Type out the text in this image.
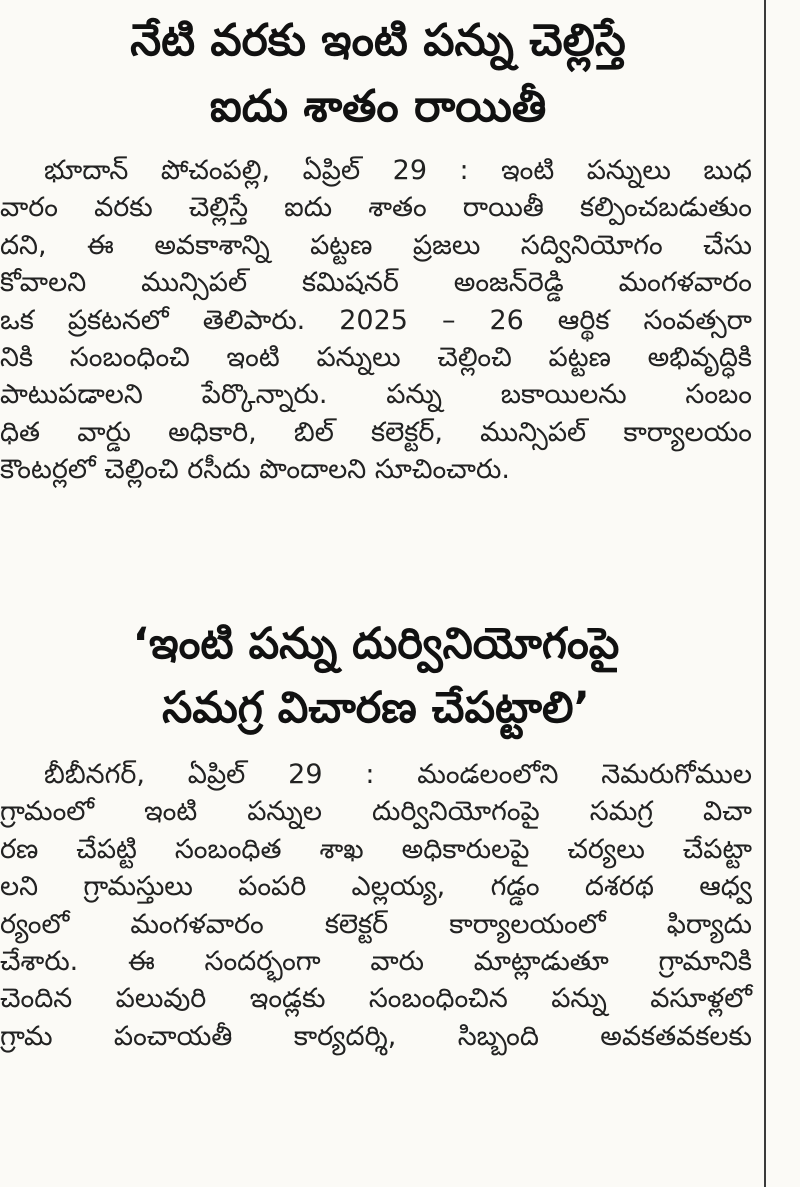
నేటి వరకు ఇంటి పన్ను చెల్లిస్తే
ఐదు శాతం రాయితీ
భూదాన్ పోచంపల్లి, ఏప్రిల్ 29 : ఇంటి పన్నులు బుధ
వారం వరకు చెల్లిస్తే ఐదు శాతం రాయితీ కల్పించబడుతుం
దని, ఈ అవకాశాన్ని పట్టణ ప్రజలు సద్వినియోగం చేసు
కోవాలని మున్సిపల్ కమిషనర్ అంజన్‌రెడ్డి మంగళవారం
ఒక ప్రకటనలో తెలిపారు. 2025 – 26 ఆర్థిక సంవత్సరా
నికి సంబంధించి ఇంటి పన్నులు చెల్లించి పట్టణ అభివృద్ధికి
పాటుపడాలని పేర్కొన్నారు. పన్ను బకాయిలను సంబం
ధిత వార్డు అధికారి, బిల్ కలెక్టర్, మున్సిపల్ కార్యాలయం
కౌంటర్లలో చెల్లించి రసీదు పొందాలని సూచించారు.
‘ఇంటి పన్ను దుర్వినియోగంపై
సమగ్ర విచారణ చేపట్టాలి’
బీబీనగర్, ఏప్రిల్ 29 : మండలంలోని నెమరుగోముల
గ్రామంలో ఇంటి పన్నుల దుర్వినియోగంపై సమగ్ర విచా
రణ చేపట్టి సంబంధిత శాఖ అధికారులపై చర్యలు చేపట్టా
లని గ్రామస్తులు పంపరి ఎల్లయ్య, గడ్డం దశరథ ఆధ్వ
ర్యంలో మంగళవారం కలెక్టర్ కార్యాలయంలో ఫిర్యాదు
చేశారు. ఈ సందర్భంగా వారు మాట్లాడుతూ గ్రామానికి
చెందిన పలువురి ఇండ్లకు సంబంధించిన పన్ను వసూళ్లలో
గ్రామ పంచాయతీ కార్యదర్శి, సిబ్బంది అవకతవకలకు
